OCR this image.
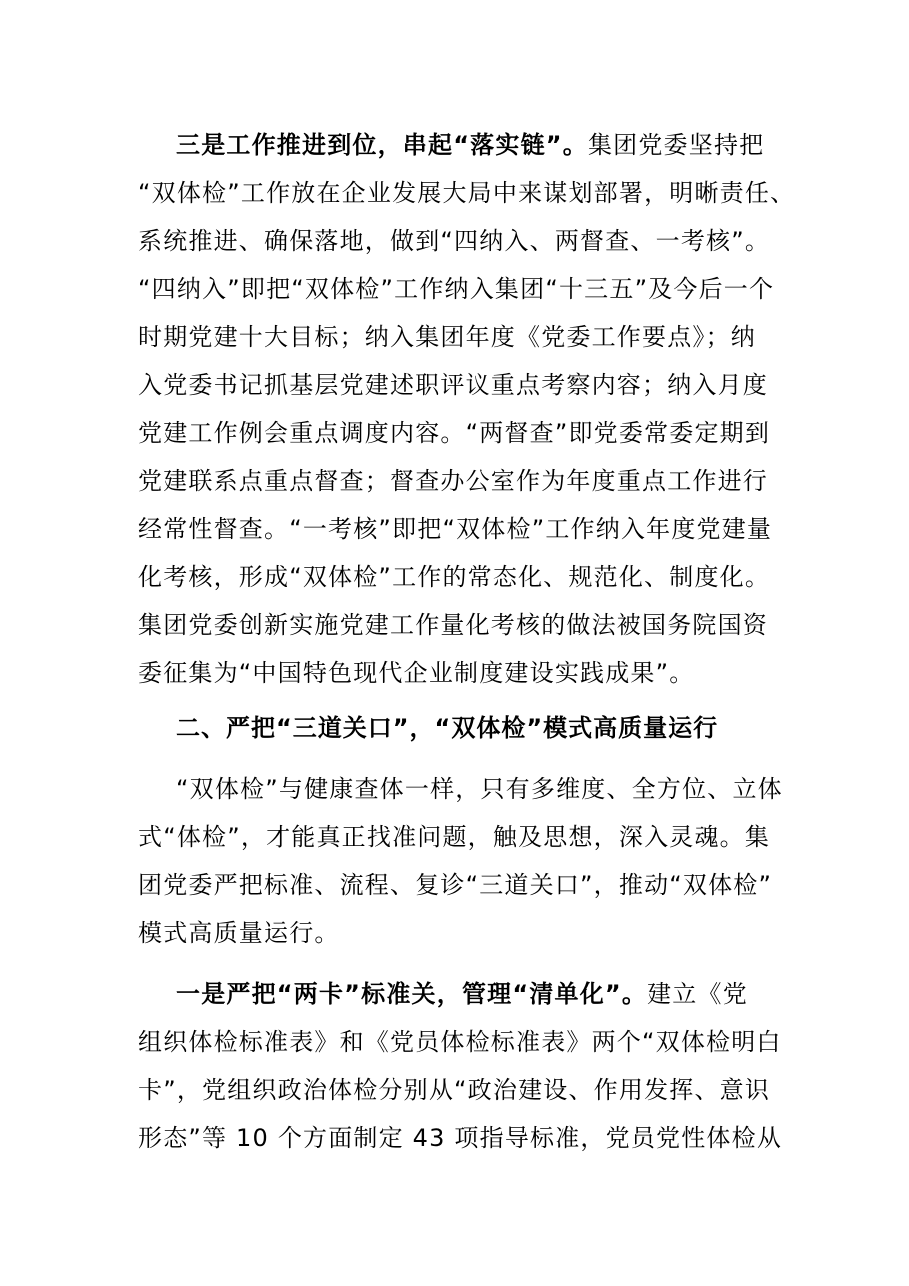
三是工作推进到位，串起“落实链”。集团党委坚持把
“双体检”工作放在企业发展大局中来谋划部署，明晰责任、
系统推进、确保落地，做到“四纳入、两督查、一考核”。
“四纳入”即把“双体检”工作纳入集团“十三五”及今后一个
时期党建十大目标；纳入集团年度《党委工作要点》；纳
入党委书记抓基层党建述职评议重点考察内容；纳入月度
党建工作例会重点调度内容。“两督查”即党委常委定期到
党建联系点重点督查；督查办公室作为年度重点工作进行
经常性督查。“一考核”即把“双体检”工作纳入年度党建量
化考核，形成“双体检”工作的常态化、规范化、制度化。
集团党委创新实施党建工作量化考核的做法被国务院国资
委征集为“中国特色现代企业制度建设实践成果”。
二、严把“三道关口”，“双体检”模式高质量运行
“双体检”与健康查体一样，只有多维度、全方位、立体
式“体检”，才能真正找准问题，触及思想，深入灵魂。集
团党委严把标准、流程、复诊“三道关口”，推动“双体检”
模式高质量运行。
一是严把“两卡”标准关，管理“清单化”。建立《党
组织体检标准表》和《党员体检标准表》两个“双体检明白
卡”，党组织政治体检分别从“政治建设、作用发挥、意识
形态”等 10 个方面制定 43 项指导标准，党员党性体检从
